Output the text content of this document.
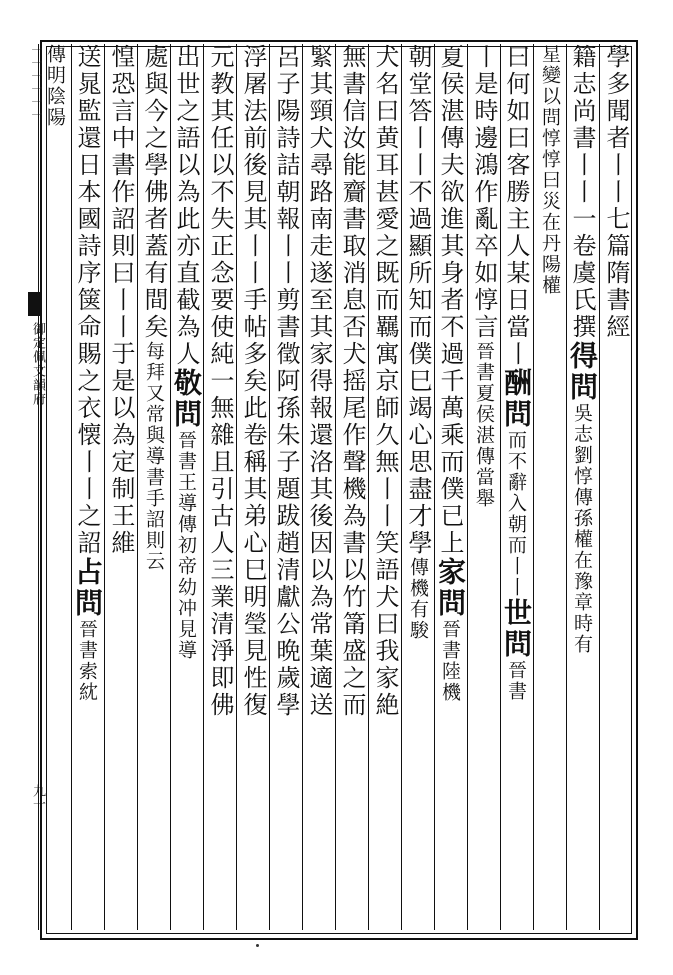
一一一一一一
御定佩文韻府
九一
學多聞者丨丨七篇隋書經
籍志尚書丨丨一卷虞氏撰得問吳志劉惇傳孫權在豫章時有
星變以問惇惇曰災在丹陽權
曰何如曰客勝主人某日當丨酬問而不辭入朝而丨丨世問晉書
丨是時邊鴻作亂卒如惇言晉書夏侯湛傳當舉
夏侯湛傳夫欲進其身者不過千萬乘而僕已上家問晉書陸機
朝堂答丨丨不過顯所知而僕巳竭心思盡才學傳機有駿
犬名曰黄耳甚愛之既而羈寓京師久無丨丨笑語犬曰我家絶
無書信汝能齎書取消息否犬摇尾作聲機為書以竹筩盛之而
緊其頸犬尋路南走遂至其家得報還洛其後因以為常葉適送
呂子陽詩詰朝報丨丨剪書徵阿孫朱子題跋趙清獻公晩歲學
浮屠法前後見其丨丨手帖多矣此卷稱其弟心巳明瑩見性復
元教其任以不失正念要使純一無雜且引古人三業清淨即佛
出世之語以為此亦直截為人敬問晉書王導傳初帝幼冲見導
處與今之學佛者蓋有間矣每拜又常與導書手詔則云
惶恐言中書作詔則曰丨丨于是以為定制王維
送晁監還日本國詩序箧命賜之衣懐丨丨之詔占問晉書索紞
傳明陰陽
